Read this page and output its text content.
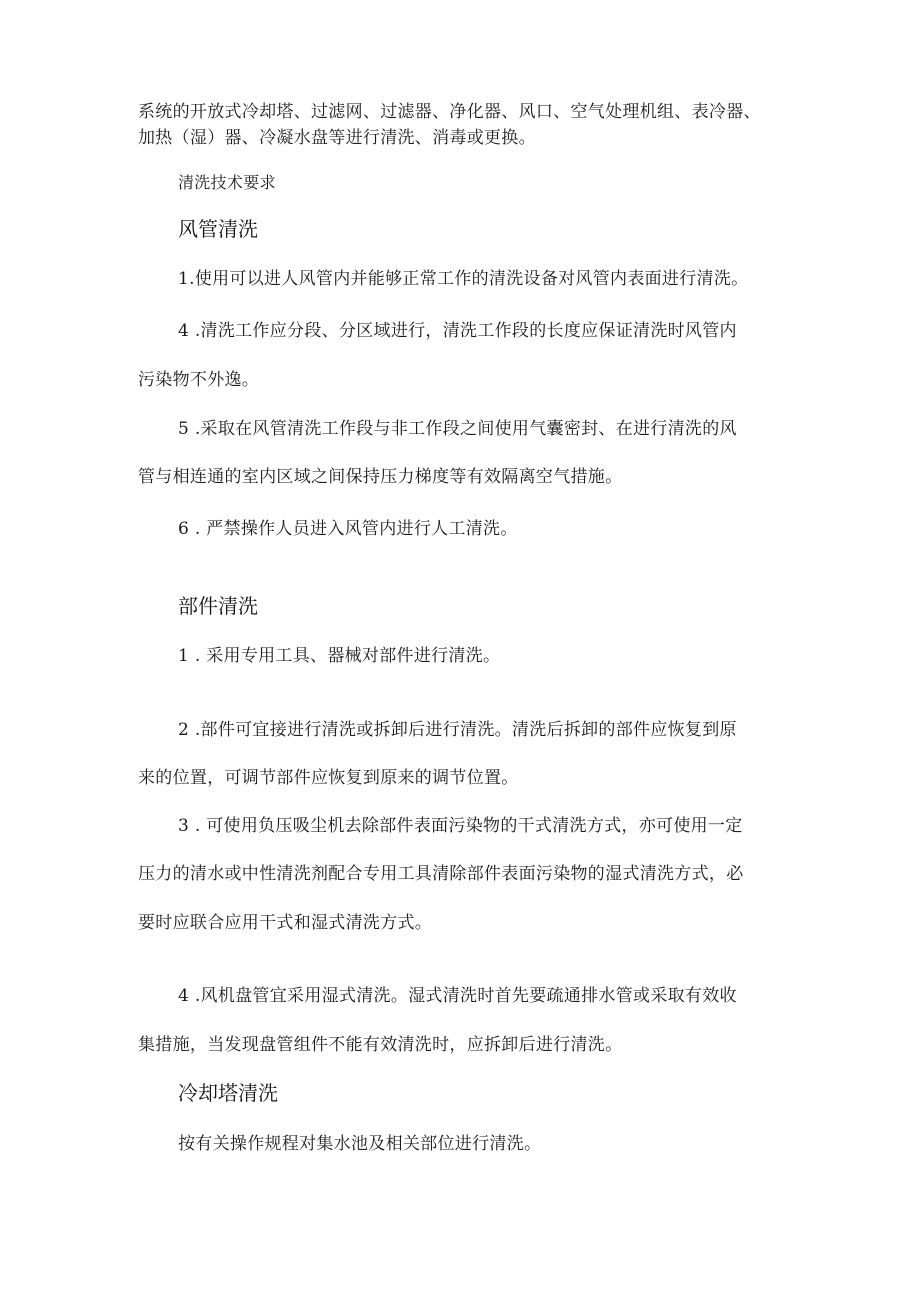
系统的开放式冷却塔、过滤网、过滤器、净化器、风口、空气处理机组、表冷器、
加热（湿）器、冷凝水盘等进行清洗、消毒或更换。
清洗技术要求
风管清洗
1.使用可以进人风管内并能够正常工作的清洗设备对风管内表面进行清洗。
4 .清洗工作应分段、分区域进行，清洗工作段的长度应保证清洗时风管内
污染物不外逸。
5 .采取在风管清洗工作段与非工作段之间使用气囊密封、在进行清洗的风
管与相连通的室内区域之间保持压力梯度等有效隔离空气措施。
6 . 严禁操作人员进入风管内进行人工清洗。
部件清洗
1 . 采用专用工具、器械对部件进行清洗。
2 .部件可宜接进行清洗或拆卸后进行清洗。清洗后拆卸的部件应恢复到原
来的位置，可调节部件应恢复到原来的调节位置。
3 . 可使用负压吸尘机去除部件表面污染物的干式清洗方式，亦可使用一定
压力的清水或中性清洗剂配合专用工具清除部件表面污染物的湿式清洗方式，必
要时应联合应用干式和湿式清洗方式。
4 .风机盘管宜采用湿式清洗。湿式清洗时首先要疏通排水管或采取有效收
集措施，当发现盘管组件不能有效清洗时，应拆卸后进行清洗。
冷却塔清洗
按有关操作规程对集水池及相关部位进行清洗。
